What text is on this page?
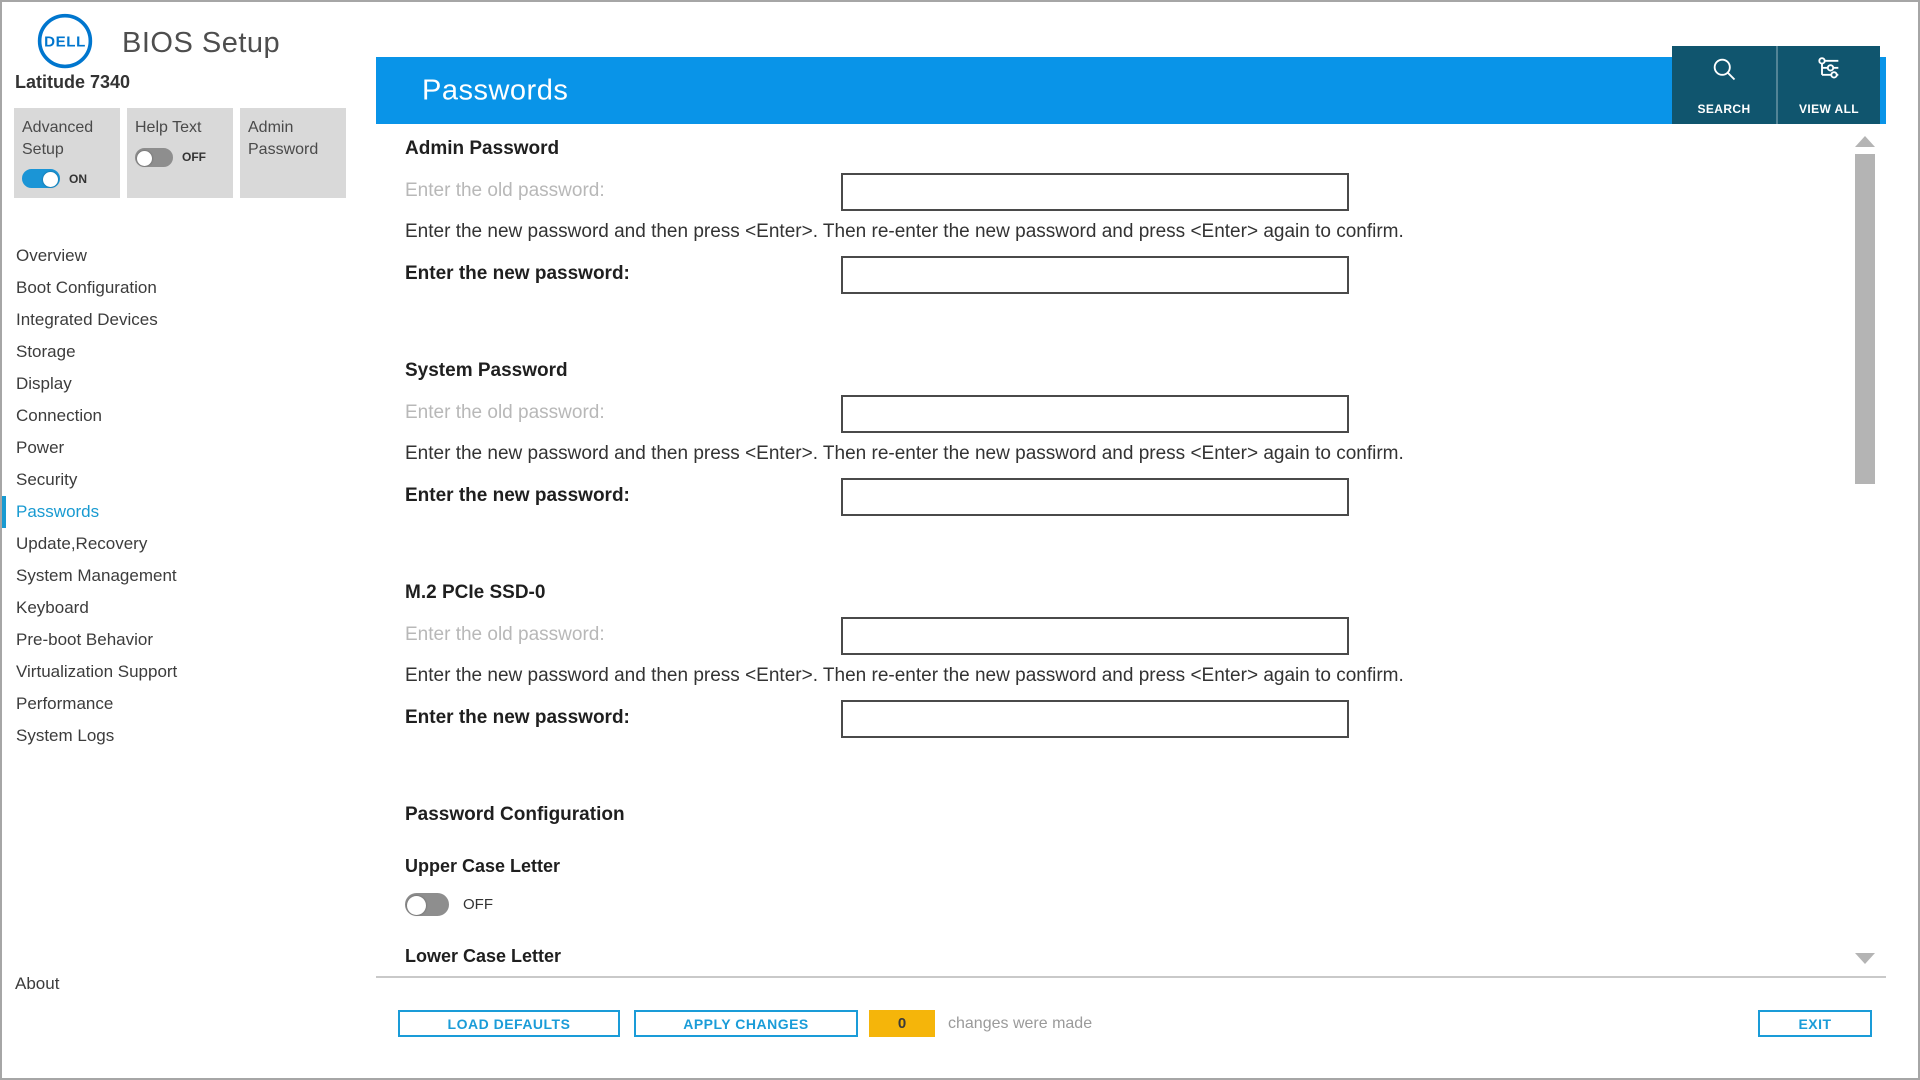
DELL BIOS Setup
Latitude 7340
Advanced Setup
ON
Help Text
OFF
Admin Password
Overview
Boot Configuration
Integrated Devices
Storage
Display
Connection
Power
Security
Passwords
Update,Recovery
System Management
Keyboard
Pre-boot Behavior
Virtualization Support
Performance
System Logs
About
Passwords
SEARCH	VIEW ALL
Admin Password
Enter the old password:
Enter the new password and then press <Enter>. Then re-enter the new password and press <Enter> again to confirm.
Enter the new password:
System Password
Enter the old password:
Enter the new password and then press <Enter>. Then re-enter the new password and press <Enter> again to confirm.
Enter the new password:
M.2 PCIe SSD-0
Enter the old password:
Enter the new password and then press <Enter>. Then re-enter the new password and press <Enter> again to confirm.
Enter the new password:
Password Configuration
Upper Case Letter
OFF
Lower Case Letter
LOAD DEFAULTS	APPLY CHANGES	0	changes were made	EXIT
